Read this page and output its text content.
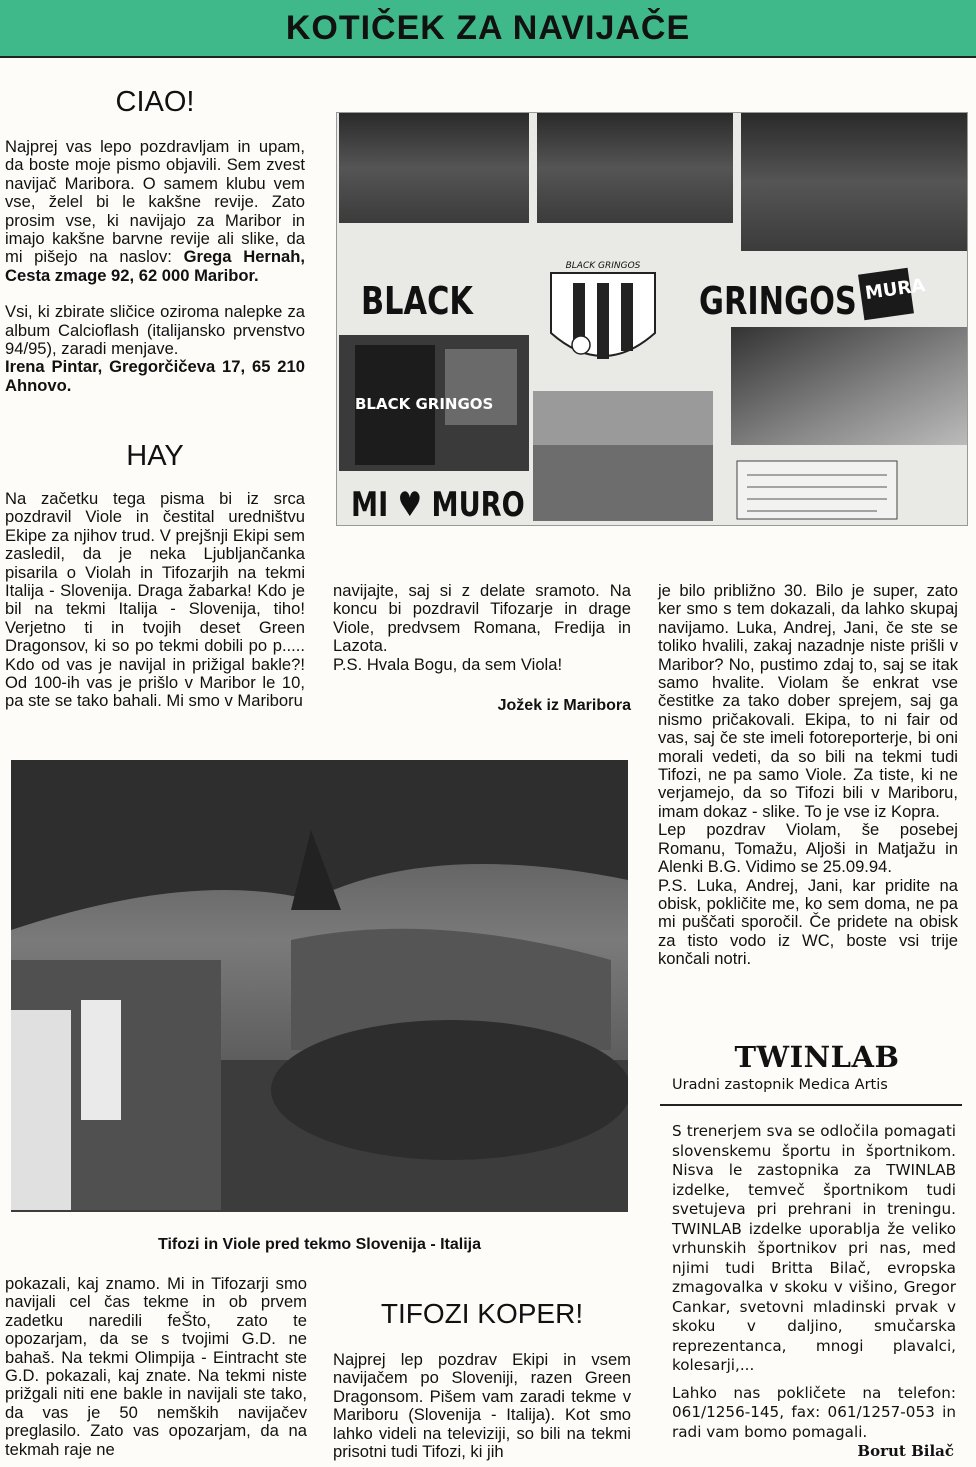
KOTIČEK ZA NAVIJAČE
CIAO!

Najprej vas lepo pozdravljam in upam, da boste moje pismo objavili. Sem zvest navijač Maribora. O samem klubu vem vse, želel bi le kakšne revije. Zato prosim vse, ki navijajo za Maribor in imajo kakšne barvne revije ali slike, da mi pišejo na naslov: Grega Hernah, Cesta zmage 92, 62 000 Maribor.

Vsi, ki zbirate sličice oziroma nalepke za album Calcioflash (italijansko prvenstvo 94/95), zaradi menjave.
Irena Pintar, Gregorčičeva 17, 65 210 Ahnovo.

HAY
Na začetku tega pisma bi iz srca pozdravil Viole in čestital uredništvu Ekipe za njihov trud. V prejšnji Ekipi sem zasledil, da je neka Ljubljančanka pisarila o Violah in Tifozarjih na tekmi Italija - Slovenija. Draga žabarka! Kdo je bil na tekmi Italija - Slovenija, tiho! Verjetno ti in tvojih deset Green Dragonsov, ki so po tekmi dobili po p..... Kdo od vas je navijal in prižigal bakle?! Od 100-ih vas je prišlo v Maribor le 10, pa ste se tako bahali. Mi smo v Mariboru
BLACK	GRINGOS MURA
MI ♥ MURO
BLACK GRINGOS
BLACK GRINGOS

navijajte, saj si z delate sramoto. Na koncu bi pozdravil Tifozarje in drage Viole, predvsem Romana, Fredija in Lazota.

P.S. Hvala Bogu, da sem Viola!

Jožek iz Maribora

je bilo približno 30. Bilo je super, zato ker smo s tem dokazali, da lahko skupaj navijamo. Luka, Andrej, Jani, če ste se toliko hvalili, zakaj nazadnje niste prišli v Maribor? No, pustimo zdaj to, saj se itak samo hvalite. Violam še enkrat vse čestitke za tako dober sprejem, saj ga nismo pričakovali. Ekipa, to ni fair od vas, saj če ste imeli fotoreporterje, bi oni morali vedeti, da so bili na tekmi tudi Tifozi, ne pa samo Viole. Za tiste, ki ne verjamejo, da so Tifozi bili v Mariboru, imam dokaz - slike. To je vse iz Kopra.

Lep pozdrav Violam, še posebej Romanu, Tomažu, Aljoši in Matjažu in Alenki B.G. Vidimo se 25.09.94.

P.S. Luka, Andrej, Jani, kar pridite na obisk, pokličite me, ko sem doma, ne pa mi puščati sporočil. Če pridete na obisk za tisto vodo iz WC, boste vsi trije končali notri.

Tifozi in Viole pred tekmo Slovenija - Italija
pokazali, kaj znamo. Mi in Tifozarji smo navijali cel čas tekme in ob prvem zadetku naredili feŠto, zato te opozarjam, da se s tvojimi G.D. ne bahaš. Na tekmi Olimpija - Eintracht ste G.D. pokazali, kaj znate. Na tekmi niste prižgali niti ene bakle in navijali ste tako, da vas je 50 nemških navijačev preglasilo. Zato vas opozarjam, da na tekmah raje ne
TIFOZI KOPER!
Najprej lep pozdrav Ekipi in vsem navijačem po Sloveniji, razen Green Dragonsom. Pišem vam zaradi tekme v Mariboru (Slovenija - Italija). Kot smo lahko videli na televiziji, so bili na tekmi prisotni tudi Tifozi, ki jih
TWINLAB
Uradni zastopnik Medica Artis

S trenerjem sva se odločila pomagati slovenskemu športu in športnikom. Nisva le zastopnika za TWINLAB izdelke, temveč športnikom tudi svetujeva pri prehrani in treningu. TWINLAB izdelke uporablja že veliko vrhunskih športnikov pri nas, med njimi tudi Britta Bilač, evropska zmagovalka v skoku v višino, Gregor Cankar, svetovni mladinski prvak v skoku v daljino, smučarska reprezentanca, mnogi plavalci, kolesarji,...

Lahko nas pokličete na telefon: 061/1256-145, fax: 061/1257-053 in radi vam bomo pomagali.

Borut Bilač
